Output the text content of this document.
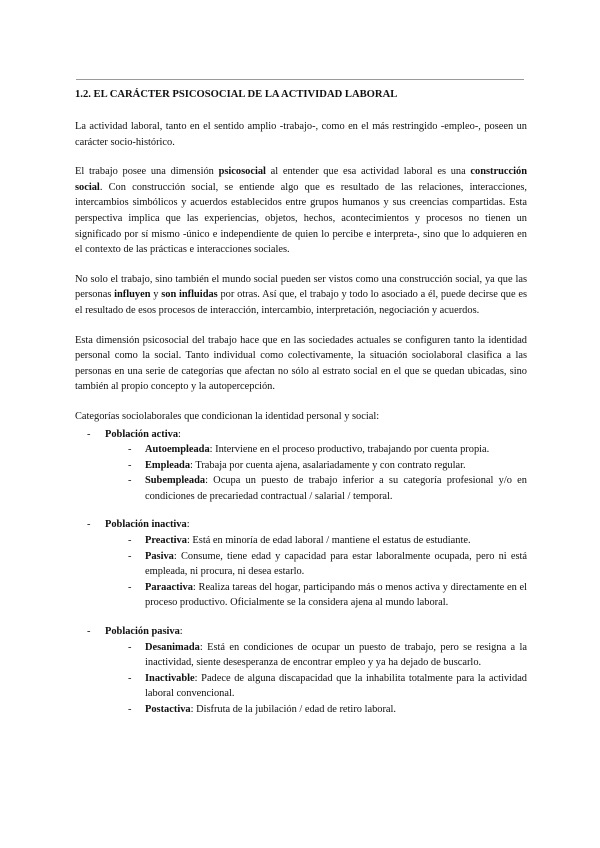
1.2. EL CARÁCTER PSICOSOCIAL DE LA ACTIVIDAD LABORAL

La actividad laboral, tanto en el sentido amplio -trabajo-, como en el más restringido -empleo-, poseen un carácter socio-histórico.

El trabajo posee una dimensión psicosocial al entender que esa actividad laboral es una construcción social. Con construcción social, se entiende algo que es resultado de las relaciones, interacciones, intercambios simbólicos y acuerdos establecidos entre grupos humanos y sus creencias compartidas. Esta perspectiva implica que las experiencias, objetos, hechos, acontecimientos y procesos no tienen un significado por sí mismo -único e independiente de quien lo percibe e interpreta-, sino que lo adquieren en el contexto de las prácticas e interacciones sociales.

No solo el trabajo, sino también el mundo social pueden ser vistos como una construcción social, ya que las personas influyen y son influidas por otras. Así que, el trabajo y todo lo asociado a él, puede decirse que es el resultado de esos procesos de interacción, intercambio, interpretación, negociación y acuerdos.

Esta dimensión psicosocial del trabajo hace que en las sociedades actuales se configuren tanto la identidad personal como la social. Tanto individual como colectivamente, la situación sociolaboral clasifica a las personas en una serie de categorías que afectan no sólo al estrato social en el que se quedan ubicadas, sino también al propio concepto y la autopercepción.

Categorías sociolaborales que condicionan la identidad personal y social:

- Población activa:
- Autoempleada: Interviene en el proceso productivo, trabajando por cuenta propia.
- Empleada: Trabaja por cuenta ajena, asalariadamente y con contrato regular.
- Subempleada: Ocupa un puesto de trabajo inferior a su categoría profesional y/o en condiciones de precariedad contractual / salarial / temporal.
- Población inactiva:
- Preactiva: Está en minoría de edad laboral / mantiene el estatus de estudiante.
- Pasiva: Consume, tiene edad y capacidad para estar laboralmente ocupada, pero ni está empleada, ni procura, ni desea estarlo.
- Paraactiva: Realiza tareas del hogar, participando más o menos activa y directamente en el proceso productivo. Oficialmente se la considera ajena al mundo laboral.
- Población pasiva:
- Desanimada: Está en condiciones de ocupar un puesto de trabajo, pero se resigna a la inactividad, siente desesperanza de encontrar empleo y ya ha dejado de buscarlo.
- Inactivable: Padece de alguna discapacidad que la inhabilita totalmente para la actividad laboral convencional.
- Postactiva: Disfruta de la jubilación / edad de retiro laboral.
